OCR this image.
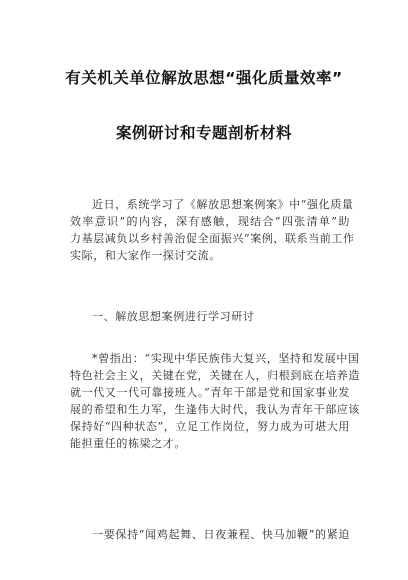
有关机关单位解放思想“强化质量效率”
案例研讨和专题剖析材料
近日，系统学习了《解放思想案例案》中“强化质量
效率意识”的内容，深有感触，现结合“四张清单”助
力基层减负以乡村善治促全面振兴”案例，联系当前工作
实际，和大家作一探讨交流。
一、解放思想案例进行学习研讨
*曾指出：“实现中华民族伟大复兴，坚持和发展中国
特色社会主义，关键在党，关键在人，归根到底在培养造
就一代又一代可靠接班人。”青年干部是党和国家事业发
展的希望和生力军，生逢伟大时代，我认为青年干部应该
保持好“四种状态”，立足工作岗位，努力成为可堪大用
能担重任的栋梁之才。
一要保持“闻鸡起舞、日夜兼程、快马加鞭”的紧迫
